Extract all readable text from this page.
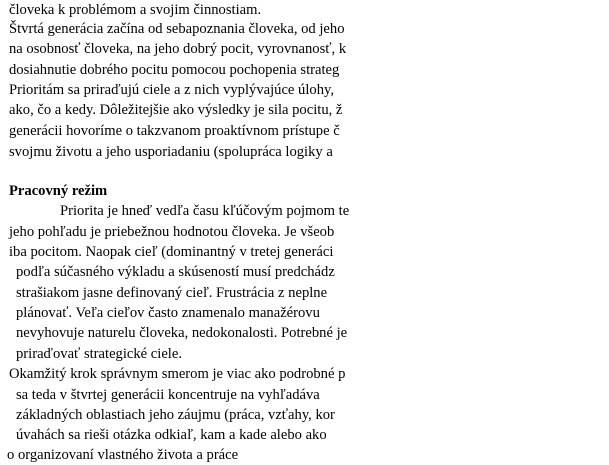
človeka k problémom a svojim činnostiam.
Štvrtá generácia začína od sebapoznania človeka, od jeho
na osobnosť človeka, na jeho dobrý pocit, vyrovnanosť, k
dosiahnutie dobrého pocitu pomocou pochopenia strateg
Prioritám sa priraďujú ciele a z nich vyplývajúce úlohy,
ako, čo a kedy. Dôležitejšie ako výsledky je sila pocitu, ž
generácii hovoríme o takzvanom proaktívnom prístupe č
svojmu životu a jeho usporiadaniu (spolupráca logiky a
Pracovný režim
Priorita je hneď vedľa času kľúčovým pojmom te
jeho pohľadu je priebežnou hodnotou človeka. Je všeob
iba pocitom. Naopak cieľ (dominantný v tretej generáci
podľa súčasného výkladu a skúseností musí predchádz
strašiakom jasne definovaný cieľ. Frustrácia z neplne
plánovať. Veľa cieľov často znamenalo manažérovu
nevyhovuje naturelu človeka, nedokonalosti. Potrebné je
priraďovať strategické ciele.
Okamžitý krok správnym smerom je viac ako podrobné p
sa teda v štvrtej generácii koncentruje na vyhľadáva
základných oblastiach jeho záujmu (práca, vzťahy, kor
úvahách sa rieši otázka odkiaľ, kam a kade alebo ako
o organizovaní vlastného života a práce
